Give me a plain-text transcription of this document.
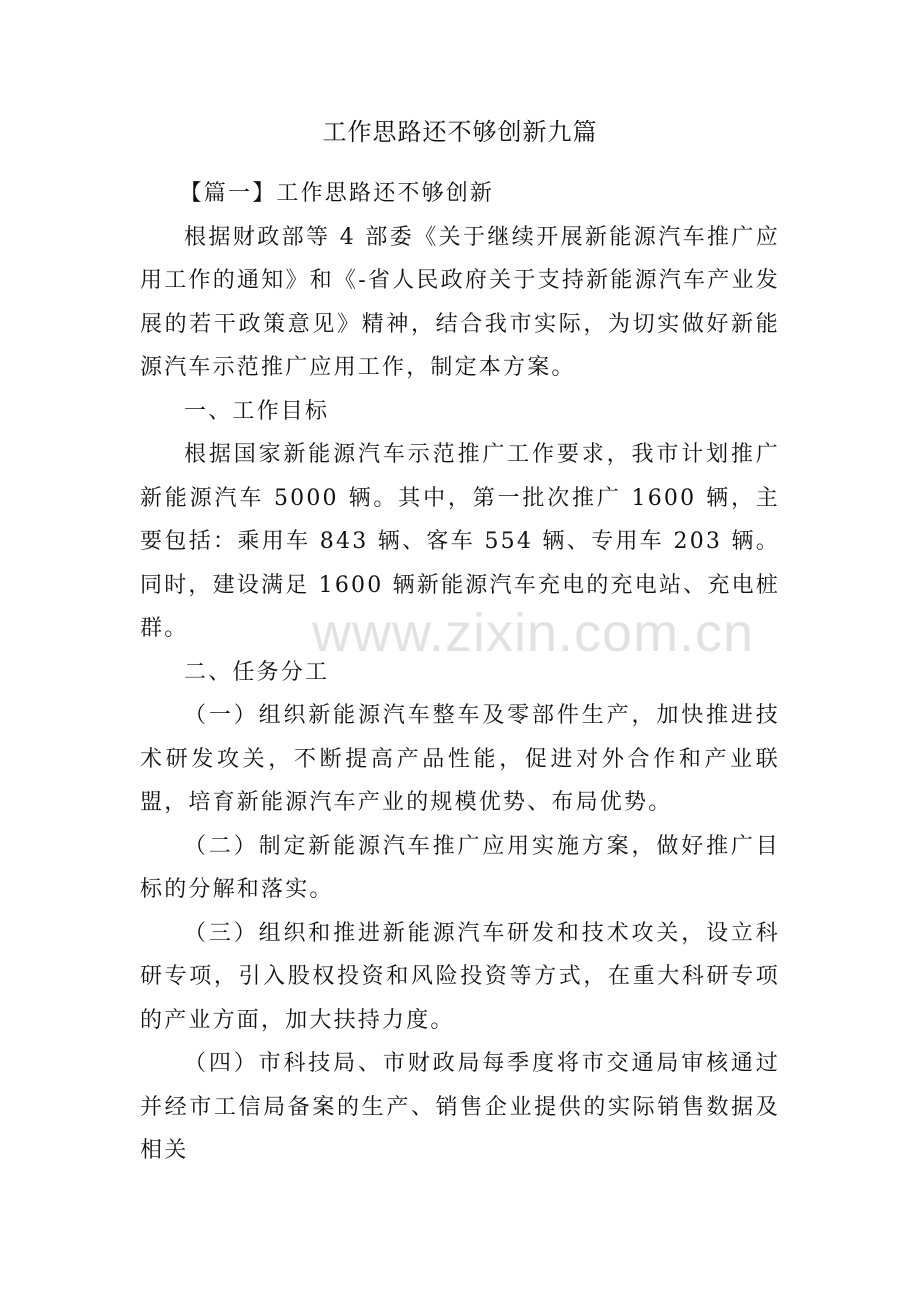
工作思路还不够创新九篇

【篇一】工作思路还不够创新

根据财政部等 4 部委《关于继续开展新能源汽车推广应用工作的通知》和《-省人民政府关于支持新能源汽车产业发展的若干政策意见》精神，结合我市实际，为切实做好新能源汽车示范推广应用工作，制定本方案。

一、工作目标

根据国家新能源汽车示范推广工作要求，我市计划推广新能源汽车 5000 辆。其中，第一批次推广 1600 辆，主要包括：乘用车 843 辆、客车 554 辆、专用车 203 辆。同时，建设满足 1600 辆新能源汽车充电的充电站、充电桩群。

二、任务分工

（一）组织新能源汽车整车及零部件生产，加快推进技术研发攻关，不断提高产品性能，促进对外合作和产业联盟，培育新能源汽车产业的规模优势、布局优势。

（二）制定新能源汽车推广应用实施方案，做好推广目标的分解和落实。

（三）组织和推进新能源汽车研发和技术攻关，设立科研专项，引入股权投资和风险投资等方式，在重大科研专项的产业方面，加大扶持力度。

（四）市科技局、市财政局每季度将市交通局审核通过并经市工信局备案的生产、销售企业提供的实际销售数据及相关

www.zixin.com.cn
